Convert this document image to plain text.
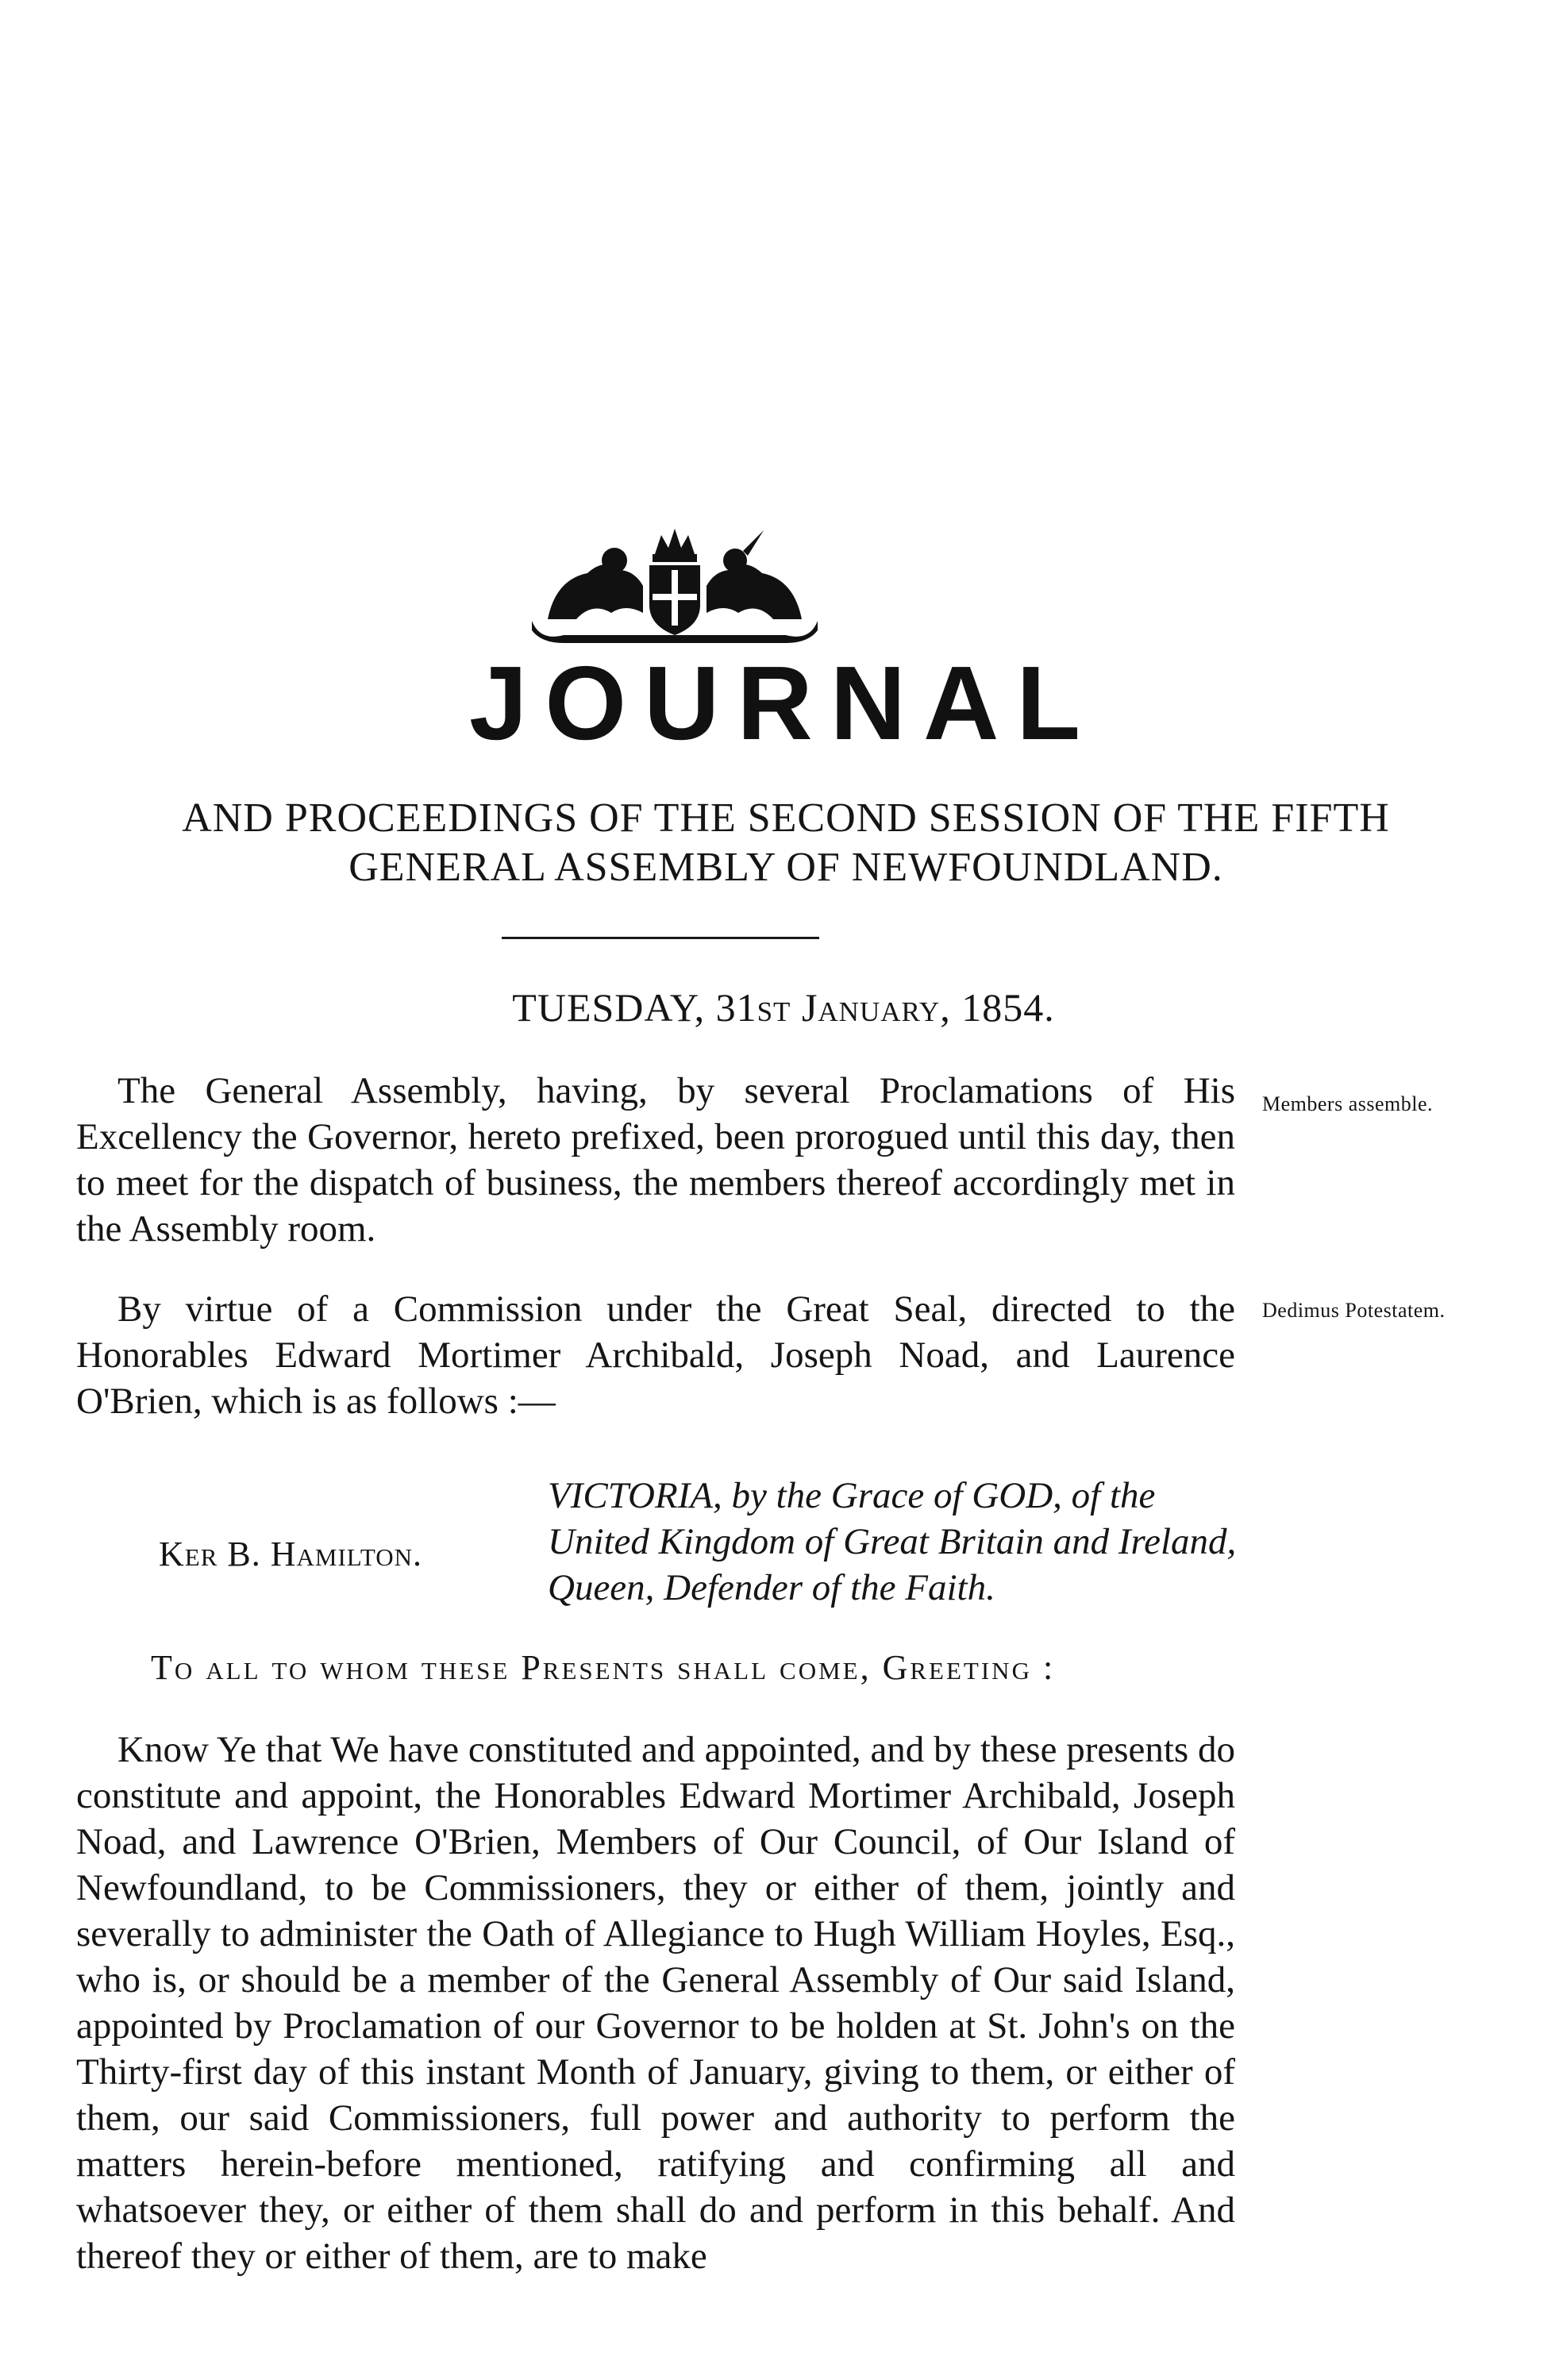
JOURNAL
AND PROCEEDINGS OF THE SECOND SESSION OF THE FIFTH GENERAL ASSEMBLY OF NEWFOUNDLAND.
TUESDAY, 31st January, 1854.

The General Assembly, having, by several Proclamations of His Excellency the Governor, hereto prefixed, been prorogued until this day, then to meet for the dispatch of business, the members thereof accordingly met in the Assembly room.

Members assemble.

By virtue of a Commission under the Great Seal, directed to the Honorables Edward Mortimer Archibald, Joseph Noad, and Laurence O'Brien, which is as follows :—

Dedimus Potestatem.
Ker B. Hamilton.
VICTORIA, by the Grace of GOD, of the United Kingdom of Great Britain and Ireland, Queen, Defender of the Faith.
To all to whom these Presents shall come, Greeting :

Know Ye that We have constituted and appointed, and by these presents do constitute and appoint, the Honorables Edward Mortimer Archibald, Joseph Noad, and Lawrence O'Brien, Members of Our Council, of Our Island of Newfoundland, to be Commissioners, they or either of them, jointly and severally to administer the Oath of Allegiance to Hugh William Hoyles, Esq., who is, or should be a member of the General Assembly of Our said Island, appointed by Proclamation of our Governor to be holden at St. John's on the Thirty-first day of this instant Month of January, giving to them, or either of them, our said Commissioners, full power and authority to perform the matters herein-before mentioned, ratifying and confirming all and whatsoever they, or either of them shall do and perform in this behalf. And thereof they or either of them, are to make
